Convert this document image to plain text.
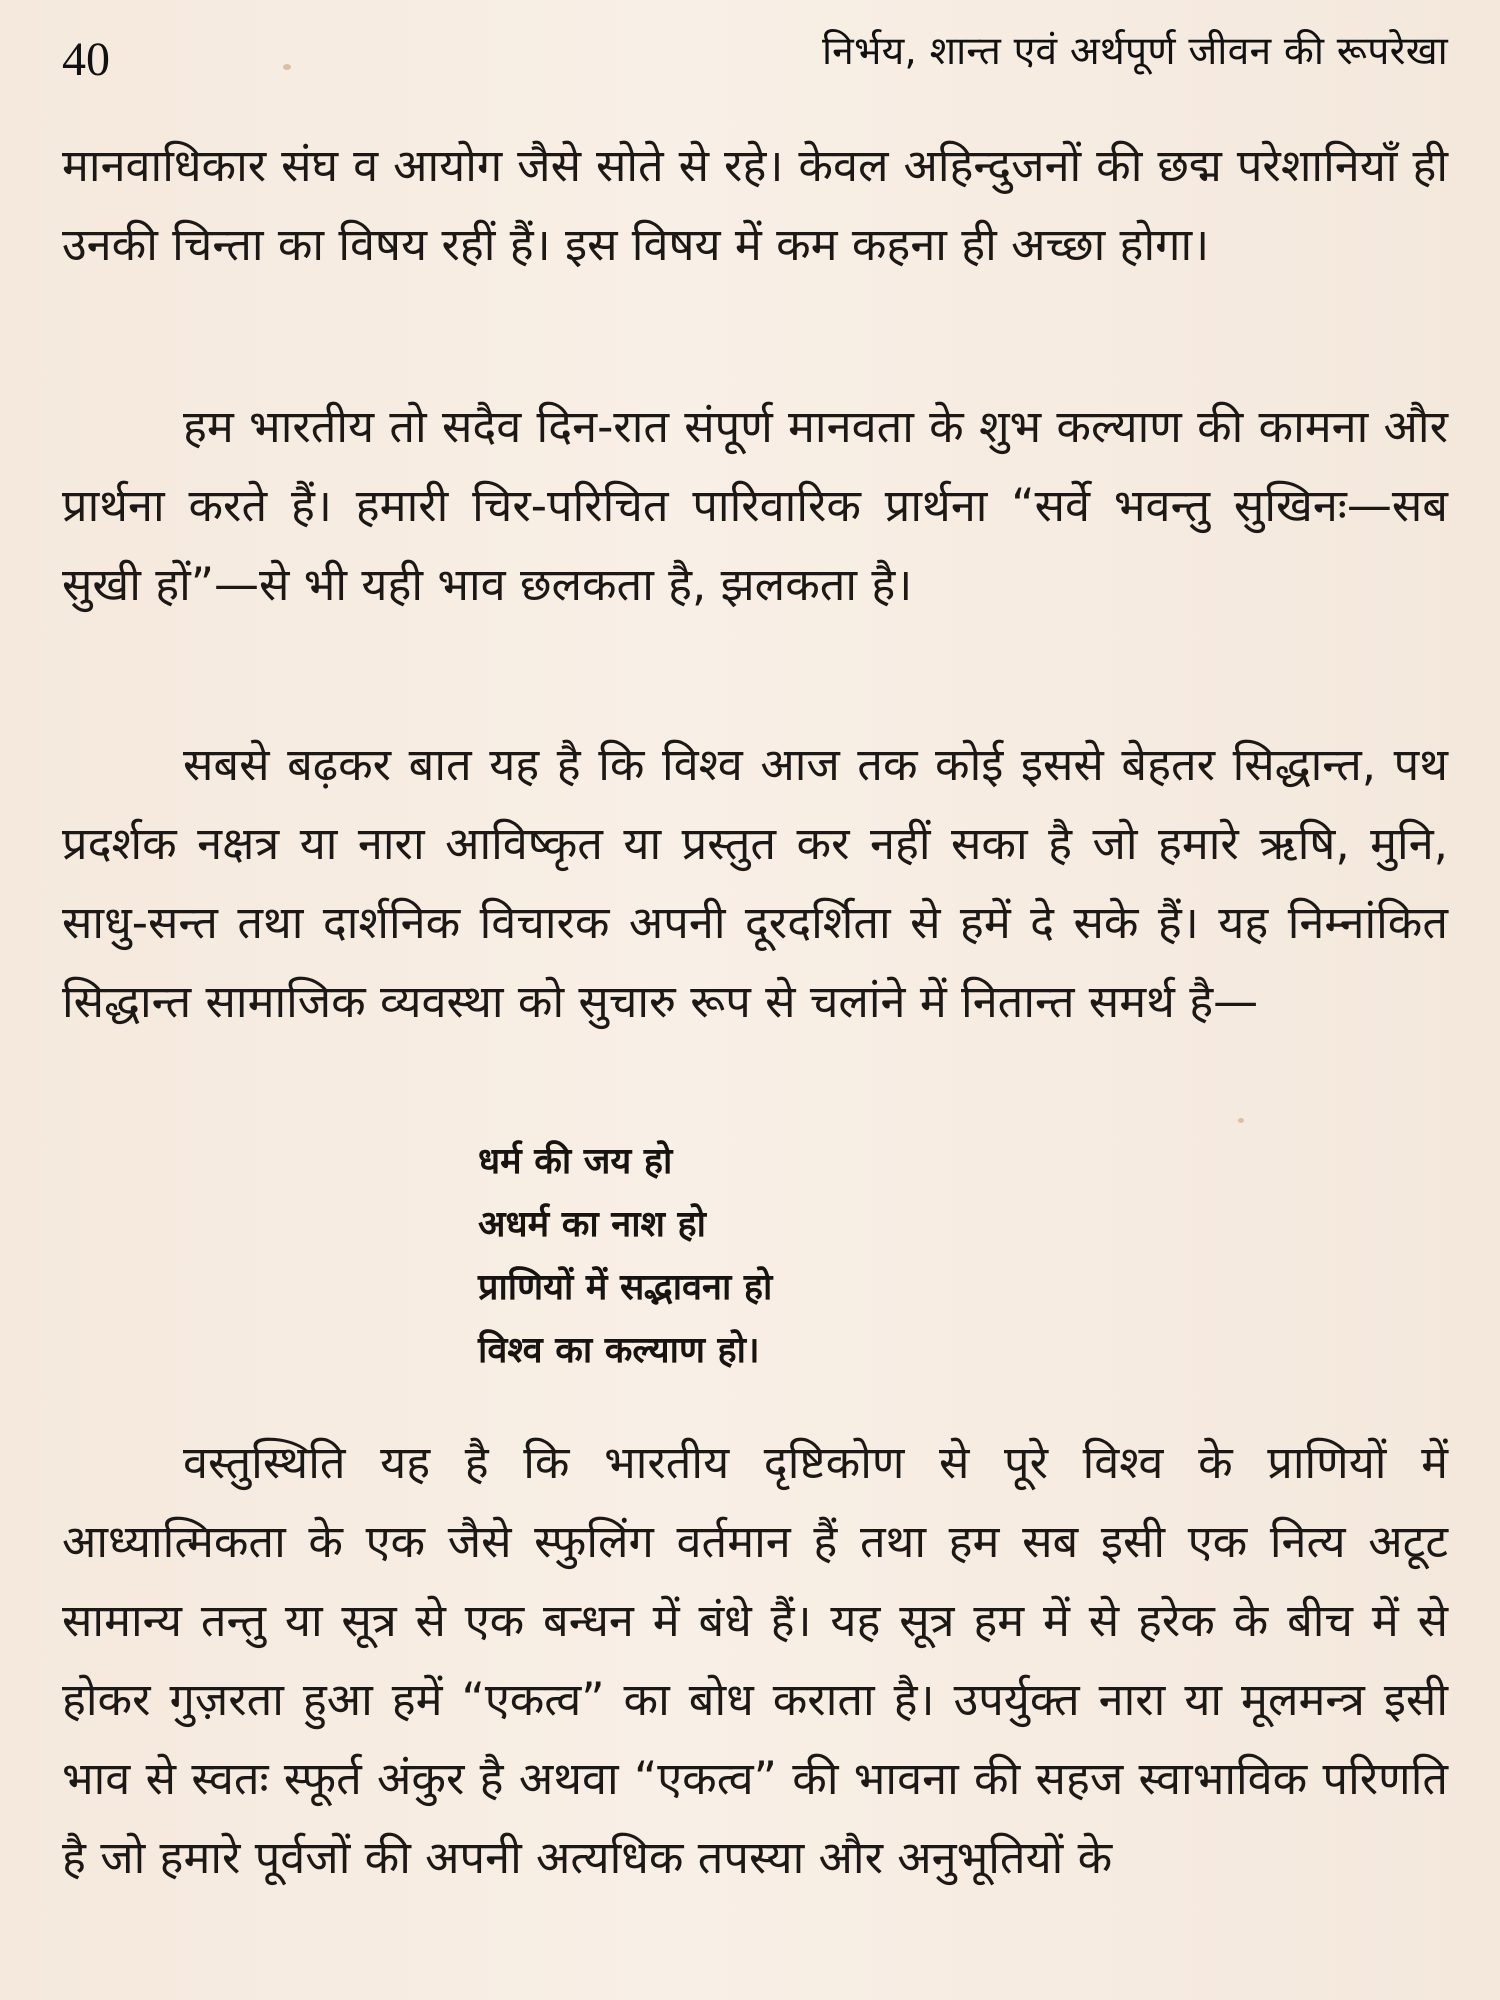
40	निर्भय, शान्त एवं अर्थपूर्ण जीवन की रूपरेखा

मानवाधिकार संघ व आयोग जैसे सोते से रहे। केवल अहिन्दुजनों की छद्म परेशानियाँ ही उनकी चिन्ता का विषय रहीं हैं। इस विषय में कम कहना ही अच्छा होगा।

हम भारतीय तो सदैव दिन-रात संपूर्ण मानवता के शुभ कल्याण की कामना और प्रार्थना करते हैं। हमारी चिर-परिचित पारिवारिक प्रार्थना “सर्वे भवन्तु सुखिनः—सब सुखी हों”—से भी यही भाव छलकता है, झलकता है।

सबसे बढ़कर बात यह है कि विश्व आज तक कोई इससे बेहतर सिद्धान्त, पथ प्रदर्शक नक्षत्र या नारा आविष्कृत या प्रस्तुत कर नहीं सका है जो हमारे ऋषि, मुनि, साधु-सन्त तथा दार्शनिक विचारक अपनी दूरदर्शिता से हमें दे सके हैं। यह निम्नांकित सिद्धान्त सामाजिक व्यवस्था को सुचारु रूप से चलांने में नितान्त समर्थ है—

धर्म की जय हो
अधर्म का नाश हो
प्राणियों में सद्भावना हो
विश्व का कल्याण हो।

वस्तुस्थिति यह है कि भारतीय दृष्टिकोण से पूरे विश्व के प्राणियों में आध्यात्मिकता के एक जैसे स्फुलिंग वर्तमान हैं तथा हम सब इसी एक नित्य अटूट सामान्य तन्तु या सूत्र से एक बन्धन में बंधे हैं। यह सूत्र हम में से हरेक के बीच में से होकर गुज़रता हुआ हमें “एकत्व” का बोध कराता है। उपर्युक्त नारा या मूलमन्त्र इसी भाव से स्वतः स्फूर्त अंकुर है अथवा “एकत्व” की भावना की सहज स्वाभाविक परिणति है जो हमारे पूर्वजों की अपनी अत्यधिक तपस्या और अनुभूतियों के
